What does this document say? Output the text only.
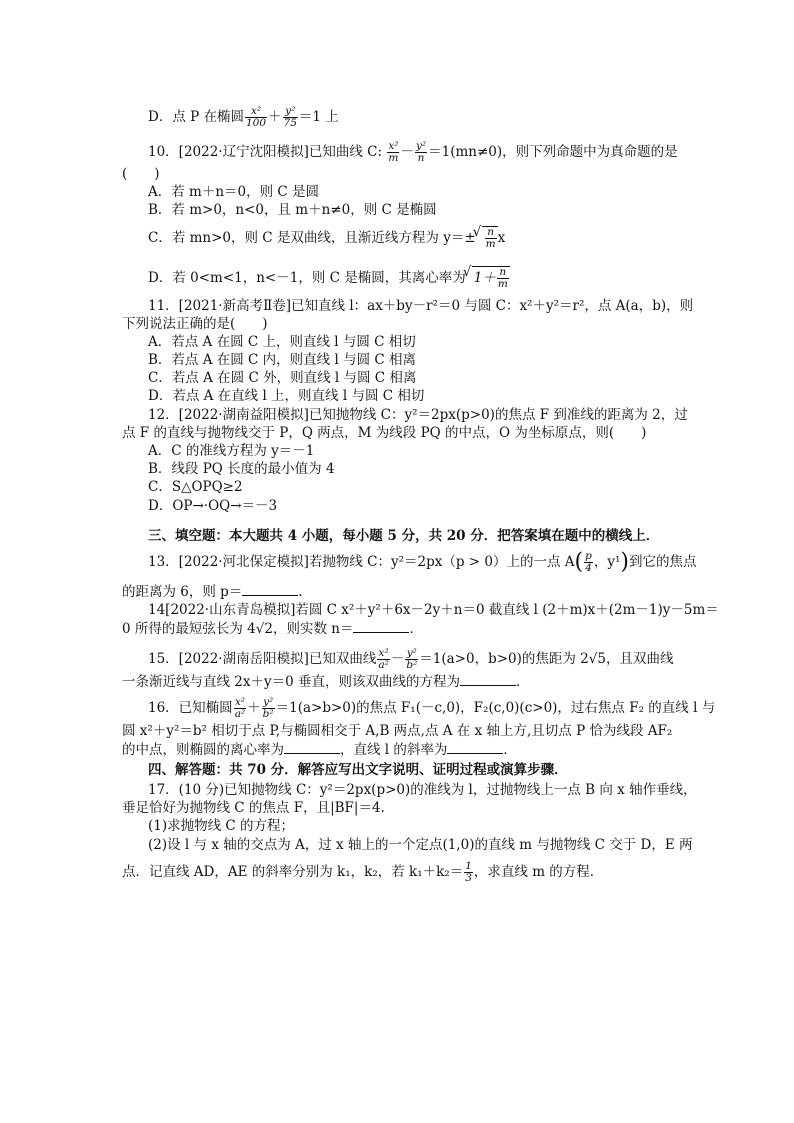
D．点 P 在椭圆 $\frac{\text{x²}}{100} + \frac{\text{y²}}{75} =1$ 上
10．[2022·辽宁沈阳模拟]已知曲线 C: $\frac{\text{x²}}{m} - \frac{\text{y²}}{n} =1(mn\ne 0)$，则下列命题中为真命题的是
(　　)
A．若 m＋n＝0，则 C 是圆
B．若 m>0，n<0，且 m＋n≠0，则 C 是椭圆
C．若 mn>0，则 C 是双曲线，且渐近线方程为 y＝± √ $\frac{n}{m}$ x
D．若 0<m<1，n<－1，则 C 是椭圆，其离心率为 √ $1+ \frac{n}{m}$
11．[2021·新高考Ⅱ卷]已知直线 l：ax＋by－r²＝0 与圆 C：x²＋y²＝r²，点 A(a，b)，则
下列说法正确的是(　　)
A．若点 A 在圆 C 上，则直线 l 与圆 C 相切
B．若点 A 在圆 C 内，则直线 l 与圆 C 相离
C．若点 A 在圆 C 外，则直线 l 与圆 C 相离
D．若点 A 在直线 l 上，则直线 l 与圆 C 相切
12．[2022·湖南益阳模拟]已知抛物线 C：y²＝2px(p>0)的焦点 F 到准线的距离为 2，过
点 F 的直线与抛物线交于 P，Q 两点，M 为线段 PQ 的中点，O 为坐标原点，则(　　)
A．C 的准线方程为 y＝－1
B．线段 PQ 长度的最小值为 4
C．S△OPQ≥2
D．OP→·OQ→＝－3
三、填空题：本大题共 4 小题，每小题 5 分，共 20 分．把答案填在题中的横线上．
13．[2022·河北保定模拟]若抛物线 C：y²＝2px（p > 0）上的一点 $A( \frac{p}{4}$ ，y¹)到它的焦点
的距离为 6，则 p＝	．
14[2022·山东青岛模拟]若圆 C x²＋y²＋6x－2y＋n＝0 截直线 l (2＋m)x＋(2m－1)y－5m＝
0 所得的最短弦长为 4√2，则实数 n＝	．
15．[2022·湖南岳阳模拟]已知双曲线 $\frac{\text{x²}}{\text{a²}} - \frac{\text{y²}}{\text{b²}} =1(a>0$，b>0)的焦距为 2√5，且双曲线
一条渐近线与直线 2x＋y＝0 垂直，则该双曲线的方程为	．
16．已知椭圆 $\frac{\text{x²}}{\text{a²}} + \frac{\text{y²}}{\text{b²}} =1(a>b>0)$的焦点 F₁(－c,0)，F₂(c,0)(c>0)，过右焦点 F₂ 的直线 l 与
圆 x²＋y²＝b² 相切于点 P,与椭圆相交于 A,B 两点,点 A 在 x 轴上方,且切点 P 恰为线段 AF₂
的中点，则椭圆的离心率为	，直线 l 的斜率为	．
四、解答题：共 70 分．解答应写出文字说明、证明过程或演算步骤．
17．(10 分)已知抛物线 C：y²＝2px(p>0)的准线为 l，过抛物线上一点 B 向 x 轴作垂线，
垂足恰好为抛物线 C 的焦点 F，且|BF|＝4.
(1)求抛物线 C 的方程；
(2)设 l 与 x 轴的交点为 A，过 x 轴上的一个定点(1,0)的直线 m 与抛物线 C 交于 D，E 两
点．记直线 AD，AE 的斜率分别为 k₁，k₂，若 $k_1+k_2= \frac{1}{3}$ ，求直线 m 的方程．
